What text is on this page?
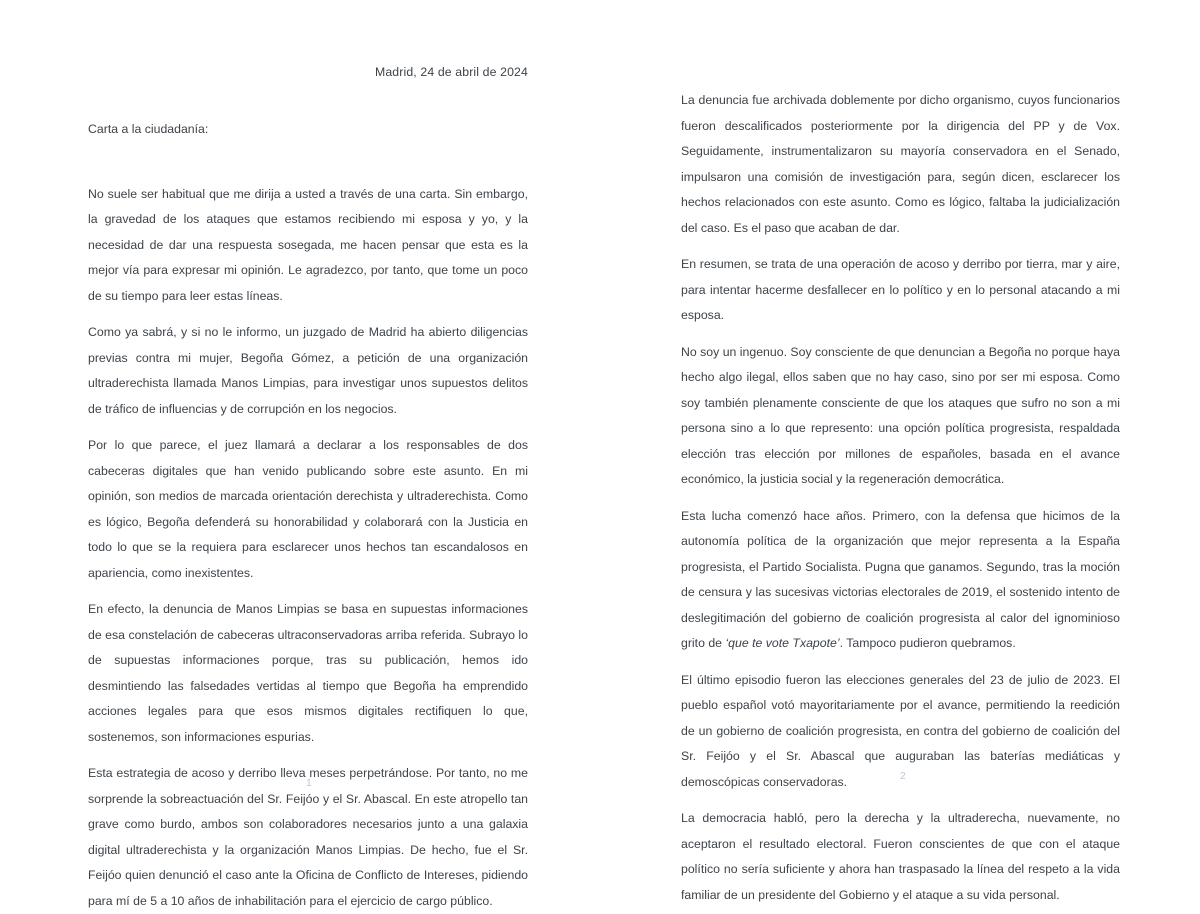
Madrid, 24 de abril de 2024

Carta a la ciudadanía:

No suele ser habitual que me dirija a usted a través de una carta. Sin embargo, la gravedad de los ataques que estamos recibiendo mi esposa y yo, y la necesidad de dar una respuesta sosegada, me hacen pensar que esta es la mejor vía para expresar mi opinión. Le agradezco, por tanto, que tome un poco de su tiempo para leer estas líneas.

Como ya sabrá, y si no le informo, un juzgado de Madrid ha abierto diligencias previas contra mi mujer, Begoña Gómez, a petición de una organización ultraderechista llamada Manos Limpias, para investigar unos supuestos delitos de tráfico de influencias y de corrupción en los negocios.

Por lo que parece, el juez llamará a declarar a los responsables de dos cabeceras digitales que han venido publicando sobre este asunto. En mi opinión, son medios de marcada orientación derechista y ultraderechista. Como es lógico, Begoña defenderá su honorabilidad y colaborará con la Justicia en todo lo que se la requiera para esclarecer unos hechos tan escandalosos en apariencia, como inexistentes.

En efecto, la denuncia de Manos Limpias se basa en supuestas informaciones de esa constelación de cabeceras ultraconservadoras arriba referida. Subrayo lo de supuestas informaciones porque, tras su publicación, hemos ido desmintiendo las falsedades vertidas al tiempo que Begoña ha emprendido acciones legales para que esos mismos digitales rectifiquen lo que, sostenemos, son informaciones espurias.

Esta estrategia de acoso y derribo lleva meses perpetrándose. Por tanto, no me sorprende la sobreactuación del Sr. Feijóo y el Sr. Abascal. En este atropello tan grave como burdo, ambos son colaboradores necesarios junto a una galaxia digital ultraderechista y la organización Manos Limpias. De hecho, fue el Sr. Feijóo quien denunció el caso ante la Oficina de Conflicto de Intereses, pidiendo para mí de 5 a 10 años de inhabilitación para el ejercicio de cargo público.

La denuncia fue archivada doblemente por dicho organismo, cuyos funcionarios fueron descalificados posteriormente por la dirigencia del PP y de Vox. Seguidamente, instrumentalizaron su mayoría conservadora en el Senado, impulsaron una comisión de investigación para, según dicen, esclarecer los hechos relacionados con este asunto. Como es lógico, faltaba la judicialización del caso. Es el paso que acaban de dar.

En resumen, se trata de una operación de acoso y derribo por tierra, mar y aire, para intentar hacerme desfallecer en lo político y en lo personal atacando a mi esposa.

No soy un ingenuo. Soy consciente de que denuncian a Begoña no porque haya hecho algo ilegal, ellos saben que no hay caso, sino por ser mi esposa. Como soy también plenamente consciente de que los ataques que sufro no son a mi persona sino a lo que represento: una opción política progresista, respaldada elección tras elección por millones de españoles, basada en el avance económico, la justicia social y la regeneración democrática.

Esta lucha comenzó hace años. Primero, con la defensa que hicimos de la autonomía política de la organización que mejor representa a la España progresista, el Partido Socialista. Pugna que ganamos. Segundo, tras la moción de censura y las sucesivas victorias electorales de 2019, el sostenido intento de deslegitimación del gobierno de coalición progresista al calor del ignominioso grito de ‘que te vote Txapote’. Tampoco pudieron quebramos.

El último episodio fueron las elecciones generales del 23 de julio de 2023. El pueblo español votó mayoritariamente por el avance, permitiendo la reedición de un gobierno de coalición progresista, en contra del gobierno de coalición del Sr. Feijóo y el Sr. Abascal que auguraban las baterías mediáticas y demoscópicas conservadoras.

La democracia habló, pero la derecha y la ultraderecha, nuevamente, no aceptaron el resultado electoral. Fueron conscientes de que con el ataque político no sería suficiente y ahora han traspasado la línea del respeto a la vida familiar de un presidente del Gobierno y el ataque a su vida personal.

1
2
